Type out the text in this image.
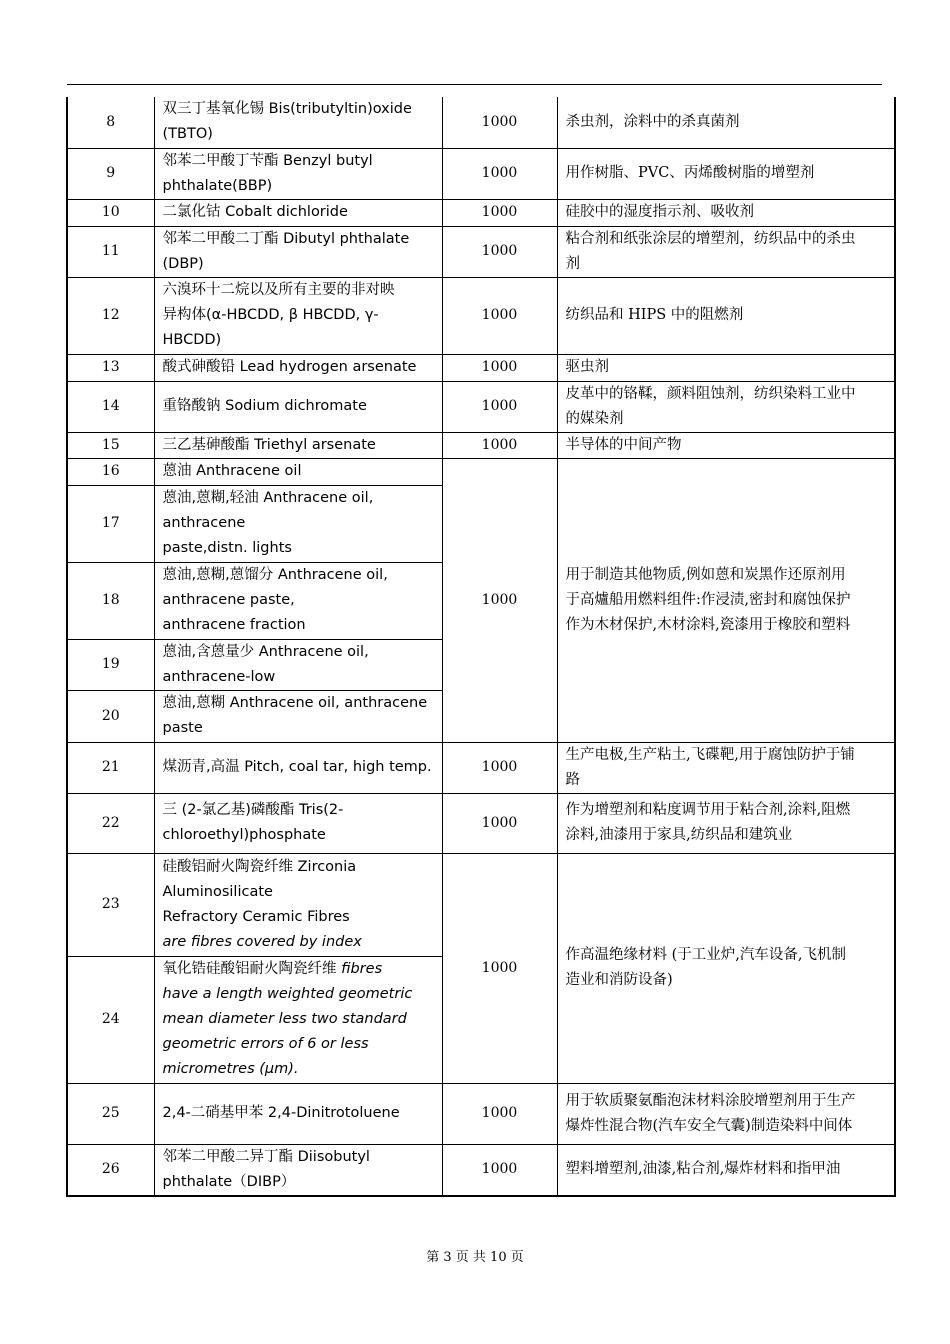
8	双三丁基氧化锡 Bis(tributyltin)oxide
(TBTO)	1000	杀虫剂，涂料中的杀真菌剂

9	邻苯二甲酸丁苄酯 Benzyl butyl
phthalate(BBP)	1000	用作树脂、PVC、丙烯酸树脂的增塑剂

10	二氯化钴 Cobalt dichloride	1000	硅胶中的湿度指示剂、吸收剂

11	邻苯二甲酸二丁酯 Dibutyl phthalate
(DBP)	1000	粘合剂和纸张涂层的增塑剂，纺织品中的杀虫
剂

12	六溴环十二烷以及所有主要的非对映
异构体(α-HBCDD, β HBCDD, γ-
HBCDD)	1000	纺织品和 HIPS 中的阻燃剂

13	酸式砷酸铅 Lead hydrogen arsenate	1000	驱虫剂

14	重铬酸钠 Sodium dichromate	1000	皮革中的铬鞣，颜料阻蚀剂，纺织染料工业中
的媒染剂

15	三乙基砷酸酯 Triethyl arsenate	1000	半导体的中间产物

16	蒽油 Anthracene oil	1000	用于制造其他物质,例如蒽和炭黑作还原剂用
于高爐船用燃料组件:作浸渍,密封和腐蚀保护
作为木材保护,木材涂料,瓷漆用于橡胶和塑料

17	蒽油,蒽糊,轻油 Anthracene oil,
anthracene
paste,distn. lights		

18	蒽油,蒽糊,蒽馏分 Anthracene oil,
anthracene paste,
anthracene fraction		

19	蒽油,含蒽量少 Anthracene oil,
anthracene-low		

20	蒽油,蒽糊 Anthracene oil, anthracene
paste		

21	煤沥青,高温 Pitch, coal tar, high temp.	1000	生产电极,生产粘土,飞碟靶,用于腐蚀防护于铺
路

22	三 (2-氯乙基)磷酸酯 Tris(2-
chloroethyl)phosphate	1000	作为增塑剂和粘度调节用于粘合剂,涂料,阻燃
涂料,油漆用于家具,纺织品和建筑业

23	硅酸铝耐火陶瓷纤维 Zirconia
Aluminosilicate
Refractory Ceramic Fibres
are fibres covered by index	1000	作高温绝缘材料 (于工业炉,汽车设备,飞机制
造业和消防设备)

24	氧化锆硅酸铝耐火陶瓷纤维 fibres
have a length weighted geometric
mean diameter less two standard
geometric errors of 6 or less
micrometres (μm).		

25	2,4-二硝基甲苯 2,4-Dinitrotoluene	1000	用于软质聚氨酯泡沫材料涂胶增塑剂用于生产
爆炸性混合物(汽车安全气囊)制造染料中间体

26	邻苯二甲酸二异丁酯 Diisobutyl
phthalate（DIBP）	1000	塑料增塑剂,油漆,粘合剂,爆炸材料和指甲油
第 3 页 共 10 页
